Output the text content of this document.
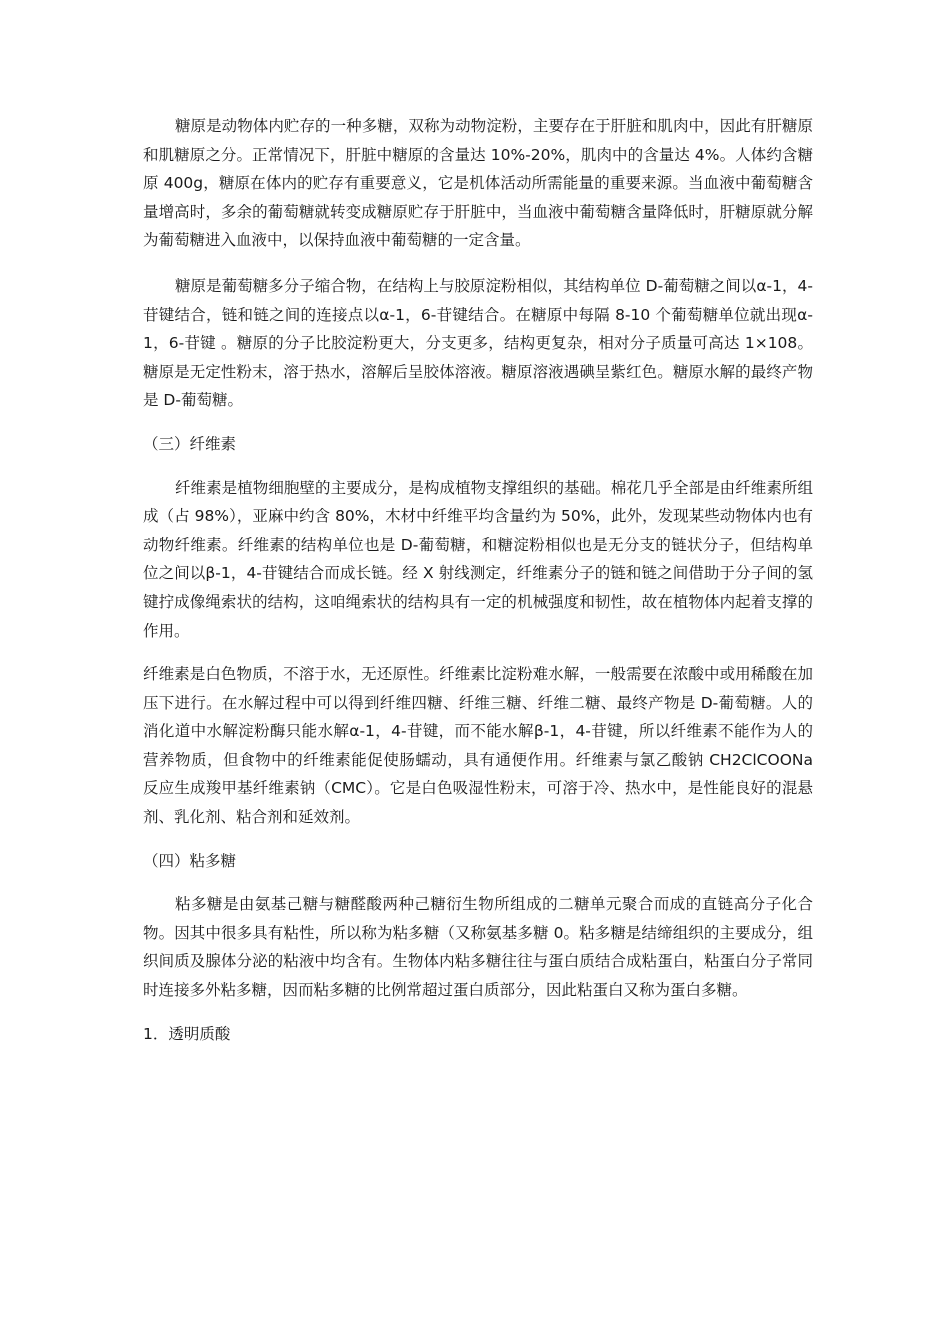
糖原是动物体内贮存的一种多糖，双称为动物淀粉，主要存在于肝脏和肌肉中，因此有肝糖原和肌糖原之分。正常情况下，肝脏中糖原的含量达 10%-20%，肌肉中的含量达 4%。人体约含糖原 400g，糖原在体内的贮存有重要意义，它是机体活动所需能量的重要来源。当血液中葡萄糖含量增高时，多余的葡萄糖就转变成糖原贮存于肝脏中，当血液中葡萄糖含量降低时，肝糖原就分解为葡萄糖进入血液中，以保持血液中葡萄糖的一定含量。

糖原是葡萄糖多分子缩合物，在结构上与胶原淀粉相似，其结构单位 D-葡萄糖之间以α-1，4-苷键结合，链和链之间的连接点以α-1，6-苷键结合。在糖原中每隔 8-10 个葡萄糖单位就出现α-1，6-苷键 。糖原的分子比胶淀粉更大，分支更多，结构更复杂，相对分子质量可高达 1×108。糖原是无定性粉末，溶于热水，溶解后呈胶体溶液。糖原溶液遇碘呈紫红色。糖原水解的最终产物是 D-葡萄糖。

（三）纤维素

纤维素是植物细胞壁的主要成分，是构成植物支撑组织的基础。棉花几乎全部是由纤维素所组成（占 98%），亚麻中约含 80%，木材中纤维平均含量约为 50%，此外，发现某些动物体内也有动物纤维素。纤维素的结构单位也是 D-葡萄糖，和糖淀粉相似也是无分支的链状分子，但结构单位之间以β-1，4-苷键结合而成长链。经 X 射线测定，纤维素分子的链和链之间借助于分子间的氢键拧成像绳索状的结构，这咱绳索状的结构具有一定的机械强度和韧性，故在植物体内起着支撑的作用。

纤维素是白色物质，不溶于水，无还原性。纤维素比淀粉难水解，一般需要在浓酸中或用稀酸在加压下进行。在水解过程中可以得到纤维四糖、纤维三糖、纤维二糖、最终产物是 D-葡萄糖。人的消化道中水解淀粉酶只能水解α-1，4-苷键，而不能水解β-1，4-苷键，所以纤维素不能作为人的营养物质，但食物中的纤维素能促使肠蠕动，具有通便作用。纤维素与氯乙酸钠 CH2ClCOONa 反应生成羧甲基纤维素钠（CMC）。它是白色吸湿性粉末，可溶于冷、热水中，是性能良好的混悬剂、乳化剂、粘合剂和延效剂。

（四）粘多糖

粘多糖是由氨基己糖与糖醛酸两种己糖衍生物所组成的二糖单元聚合而成的直链高分子化合物。因其中很多具有粘性，所以称为粘多糖（又称氨基多糖 0。粘多糖是结缔组织的主要成分，组织间质及腺体分泌的粘液中均含有。生物体内粘多糖往往与蛋白质结合成粘蛋白，粘蛋白分子常同时连接多外粘多糖，因而粘多糖的比例常超过蛋白质部分，因此粘蛋白又称为蛋白多糖。

1．透明质酸
